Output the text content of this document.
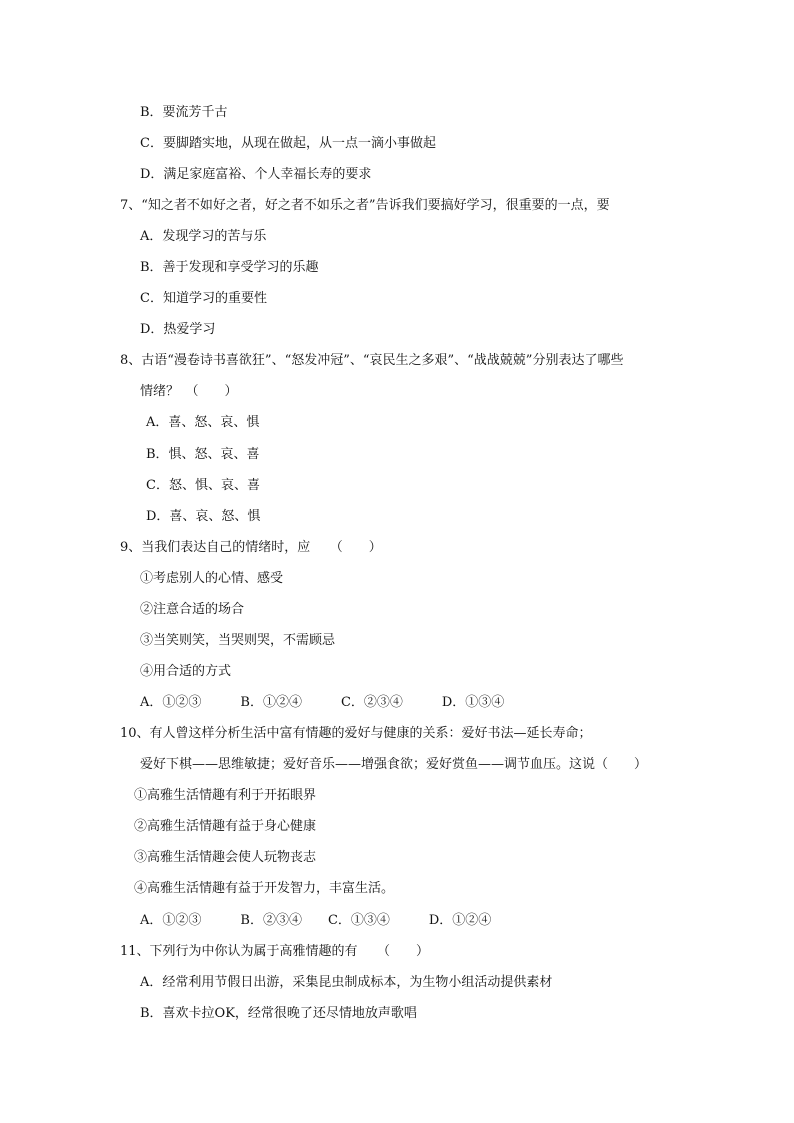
B．要流芳千古
C．要脚踏实地，从现在做起，从一点一滴小事做起
D．满足家庭富裕、个人幸福长寿的要求
7、“知之者不如好之者，好之者不如乐之者”告诉我们要搞好学习，很重要的一点，要
A．发现学习的苦与乐
B．善于发现和享受学习的乐趣
C．知道学习的重要性
D．热爱学习
8、古语“漫卷诗书喜欲狂”、“怒发冲冠”、“哀民生之多艰”、“战战兢兢”分别表达了哪些
情绪？　（　　）
A．喜、怒、哀、惧
B．惧、怒、哀、喜
C．怒、惧、哀、喜
D．喜、哀、怒、惧
9、当我们表达自己的情绪时，应　　（　　）
①考虑别人的心情、感受
②注意合适的场合
③当笑则笑，当哭则哭，不需顾忌
④用合适的方式
A．①②③　　　B．①②④　　　C．②③④　　　D．①③④
10、有人曾这样分析生活中富有情趣的爱好与健康的关系：爱好书法—延长寿命；
爱好下棋——思维敏捷；爱好音乐——增强食欲；爱好赏鱼——调节血压。这说（　　）
①高雅生活情趣有利于开拓眼界
②高雅生活情趣有益于身心健康
③高雅生活情趣会使人玩物丧志
④高雅生活情趣有益于开发智力，丰富生活。
A．①②③　　　B．②③④　　C．①③④　　　D．①②④
11、下列行为中你认为属于高雅情趣的有　　（　　）
A．经常利用节假日出游，采集昆虫制成标本，为生物小组活动提供素材
B．喜欢卡拉OK，经常很晚了还尽情地放声歌唱
